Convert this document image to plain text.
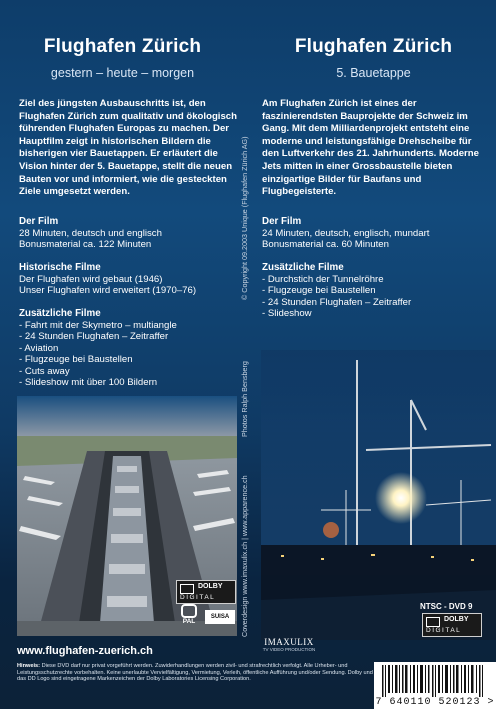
Flughafen Zürich
gestern – heute – morgen
Ziel des jüngsten Ausbauschritts ist, den Flughafen Zürich zum qualitativ und ökologisch führenden Flughafen Europas zu machen. Der Hauptfilm zeigt in historischen Bildern die bisherigen vier Bauetappen. Er erläutert die Vision hinter der 5. Bauetappe, stellt die neuen Bauten vor und informiert, wie die gesteckten Ziele umgesetzt werden.
Der Film
28 Minuten, deutsch und englisch
Bonusmaterial ca. 122 Minuten
Historische Filme
Der Flughafen wird gebaut (1946)
Unser Flughafen wird erweitert (1970–76)
Zusätzliche Filme
- Fahrt mit der Skymetro – multiangle
- 24 Stunden Flughafen – Zeitraffer
- Aviation
- Flugzeuge bei Baustellen
- Cuts away
- Slideshow mit über 100 Bildern
Flughafen Zürich
5. Bauetappe
Am Flughafen Zürich ist eines der faszinierendsten Bauprojekte der Schweiz im Gang. Mit dem Milliardenprojekt entsteht eine moderne und leistungsfähige Drehscheibe für den Luftverkehr des 21. Jahrhunderts. Moderne Jets mitten in einer Grossbaustelle bieten einzigartige Bilder für Baufans und Flugbegeisterte.
Der Film
24 Minuten, deutsch, englisch, mundart
Bonusmaterial ca. 60 Minuten
Zusätzliche Filme
- Durchstich der Tunnelröhre
- Flugzeuge bei Baustellen
- 24 Stunden Flughafen – Zeitraffer
- Slideshow
© Copyright 09.2003 Unique (Flughafen Zürich AG)
Photos Ralph Bensberg
Coverdesign www.imaxulix.ch | www.apparence.ch
DOLBY
DIGITAL
PAL
SUISA
IMAXULIX
TV VIDEO PRODUCTION
NTSC - DVD 9
DOLBY
DIGITAL
www.flughafen-zuerich.ch
Hinweis: Diese DVD darf nur privat vorgeführt werden. Zuwiderhandlungen werden zivil- und strafrechtlich verfolgt. Alle Urheber- und Leistungsschutzrechte vorbehalten. Keine unerlaubte Vervielfältigung, Vermietung, Verleih, öffentliche Aufführung und/oder Sendung. Dolby und das DD Logo sind eingetragene Markenzeichen der Dolby Laboratories Licensing Corporation.
7 640110 520123 >
